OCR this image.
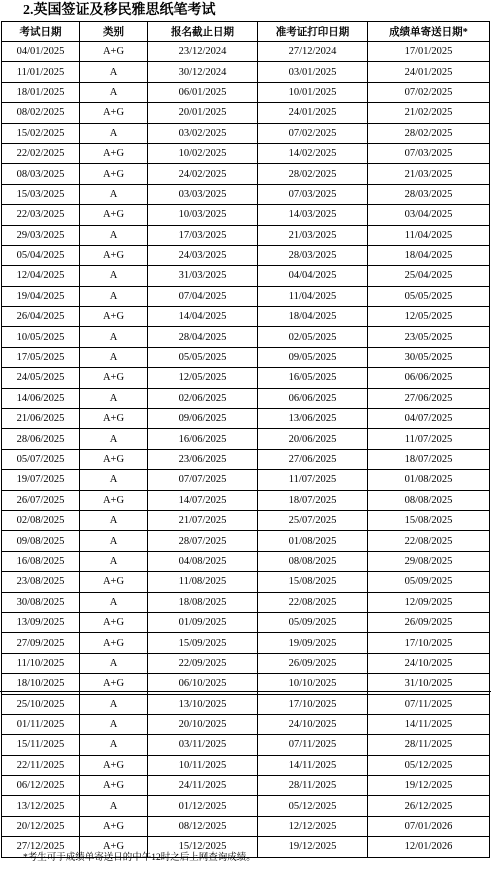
2.英国签证及移民雅思纸笔考试
考试日期	类别	报名截止日期	准考证打印日期	成绩单寄送日期*
04/01/2025	A+G	23/12/2024	27/12/2024	17/01/2025
11/01/2025	A	30/12/2024	03/01/2025	24/01/2025
18/01/2025	A	06/01/2025	10/01/2025	07/02/2025
08/02/2025	A+G	20/01/2025	24/01/2025	21/02/2025
15/02/2025	A	03/02/2025	07/02/2025	28/02/2025
22/02/2025	A+G	10/02/2025	14/02/2025	07/03/2025
08/03/2025	A+G	24/02/2025	28/02/2025	21/03/2025
15/03/2025	A	03/03/2025	07/03/2025	28/03/2025
22/03/2025	A+G	10/03/2025	14/03/2025	03/04/2025
29/03/2025	A	17/03/2025	21/03/2025	11/04/2025
05/04/2025	A+G	24/03/2025	28/03/2025	18/04/2025
12/04/2025	A	31/03/2025	04/04/2025	25/04/2025
19/04/2025	A	07/04/2025	11/04/2025	05/05/2025
26/04/2025	A+G	14/04/2025	18/04/2025	12/05/2025
10/05/2025	A	28/04/2025	02/05/2025	23/05/2025
17/05/2025	A	05/05/2025	09/05/2025	30/05/2025
24/05/2025	A+G	12/05/2025	16/05/2025	06/06/2025
14/06/2025	A	02/06/2025	06/06/2025	27/06/2025
21/06/2025	A+G	09/06/2025	13/06/2025	04/07/2025
28/06/2025	A	16/06/2025	20/06/2025	11/07/2025
05/07/2025	A+G	23/06/2025	27/06/2025	18/07/2025
19/07/2025	A	07/07/2025	11/07/2025	01/08/2025
26/07/2025	A+G	14/07/2025	18/07/2025	08/08/2025
02/08/2025	A	21/07/2025	25/07/2025	15/08/2025
09/08/2025	A	28/07/2025	01/08/2025	22/08/2025
16/08/2025	A	04/08/2025	08/08/2025	29/08/2025
23/08/2025	A+G	11/08/2025	15/08/2025	05/09/2025
30/08/2025	A	18/08/2025	22/08/2025	12/09/2025
13/09/2025	A+G	01/09/2025	05/09/2025	26/09/2025
27/09/2025	A+G	15/09/2025	19/09/2025	17/10/2025
11/10/2025	A	22/09/2025	26/09/2025	24/10/2025
18/10/2025	A+G	06/10/2025	10/10/2025	31/10/2025
25/10/2025	A	13/10/2025	17/10/2025	07/11/2025
01/11/2025	A	20/10/2025	24/10/2025	14/11/2025
15/11/2025	A	03/11/2025	07/11/2025	28/11/2025
22/11/2025	A+G	10/11/2025	14/11/2025	05/12/2025
06/12/2025	A+G	24/11/2025	28/11/2025	19/12/2025
13/12/2025	A	01/12/2025	05/12/2025	26/12/2025
20/12/2025	A+G	08/12/2025	12/12/2025	07/01/2026
27/12/2025	A+G	15/12/2025	19/12/2025	12/01/2026
*考生可于成绩单寄送日的中午12时之后上网查询成绩。
